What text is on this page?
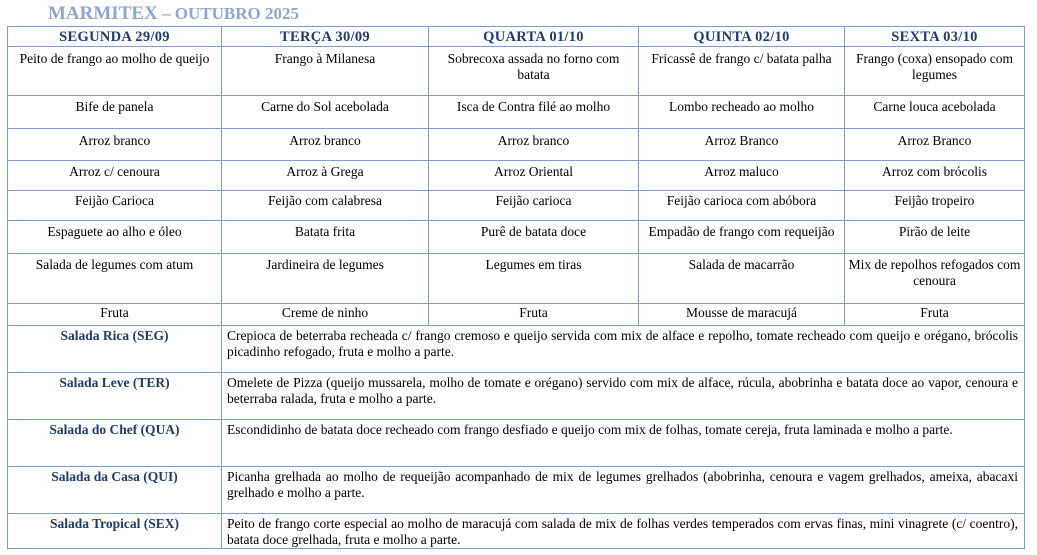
MARMITEX – OUTUBRO 2025
SEGUNDA 29/09	TERÇA 30/09	QUARTA 01/10	QUINTA 02/10	SEXTA 03/10
Peito de frango ao molho de queijo	Frango à Milanesa	Sobrecoxa assada no forno com batata	Fricassê de frango c/ batata palha	Frango (coxa) ensopado com legumes
Bife de panela	Carne do Sol acebolada	Isca de Contra filé ao molho	Lombo recheado ao molho	Carne louca acebolada
Arroz branco	Arroz branco	Arroz branco	Arroz Branco	Arroz Branco
Arroz c/ cenoura	Arroz à Grega	Arroz Oriental	Arroz maluco	Arroz com brócolis
Feijão Carioca	Feijão com calabresa	Feijão carioca	Feijão carioca com abóbora	Feijão tropeiro
Espaguete ao alho e óleo	Batata frita	Purê de batata doce	Empadão de frango com requeijão	Pirão de leite
Salada de legumes com atum	Jardineira de legumes	Legumes em tiras	Salada de macarrão	Mix de repolhos refogados com cenoura
Fruta	Creme de ninho	Fruta	Mousse de maracujá	Fruta
Salada Rica (SEG)	Crepioca de beterraba recheada c/ frango cremoso e queijo servida com mix de alface e repolho, tomate recheado com queijo e orégano, brócolis picadinho refogado, fruta e molho a parte.			
Salada Leve (TER)	Omelete de Pizza (queijo mussarela, molho de tomate e orégano) servido com mix de alface, rúcula, abobrinha e batata doce ao vapor, cenoura e beterraba ralada, fruta e molho a parte.			
Salada do Chef (QUA)	Escondidinho de batata doce recheado com frango desfiado e queijo com mix de folhas, tomate cereja, fruta laminada e molho a parte.			
Salada da Casa (QUI)	Picanha grelhada ao molho de requeijão acompanhado de mix de legumes grelhados (abobrinha, cenoura e vagem grelhados, ameixa, abacaxi grelhado e molho a parte.			
Salada Tropical (SEX)	Peito de frango corte especial ao molho de maracujá com salada de mix de folhas verdes temperados com ervas finas, mini vinagrete (c/ coentro), batata doce grelhada, fruta e molho a parte.			
